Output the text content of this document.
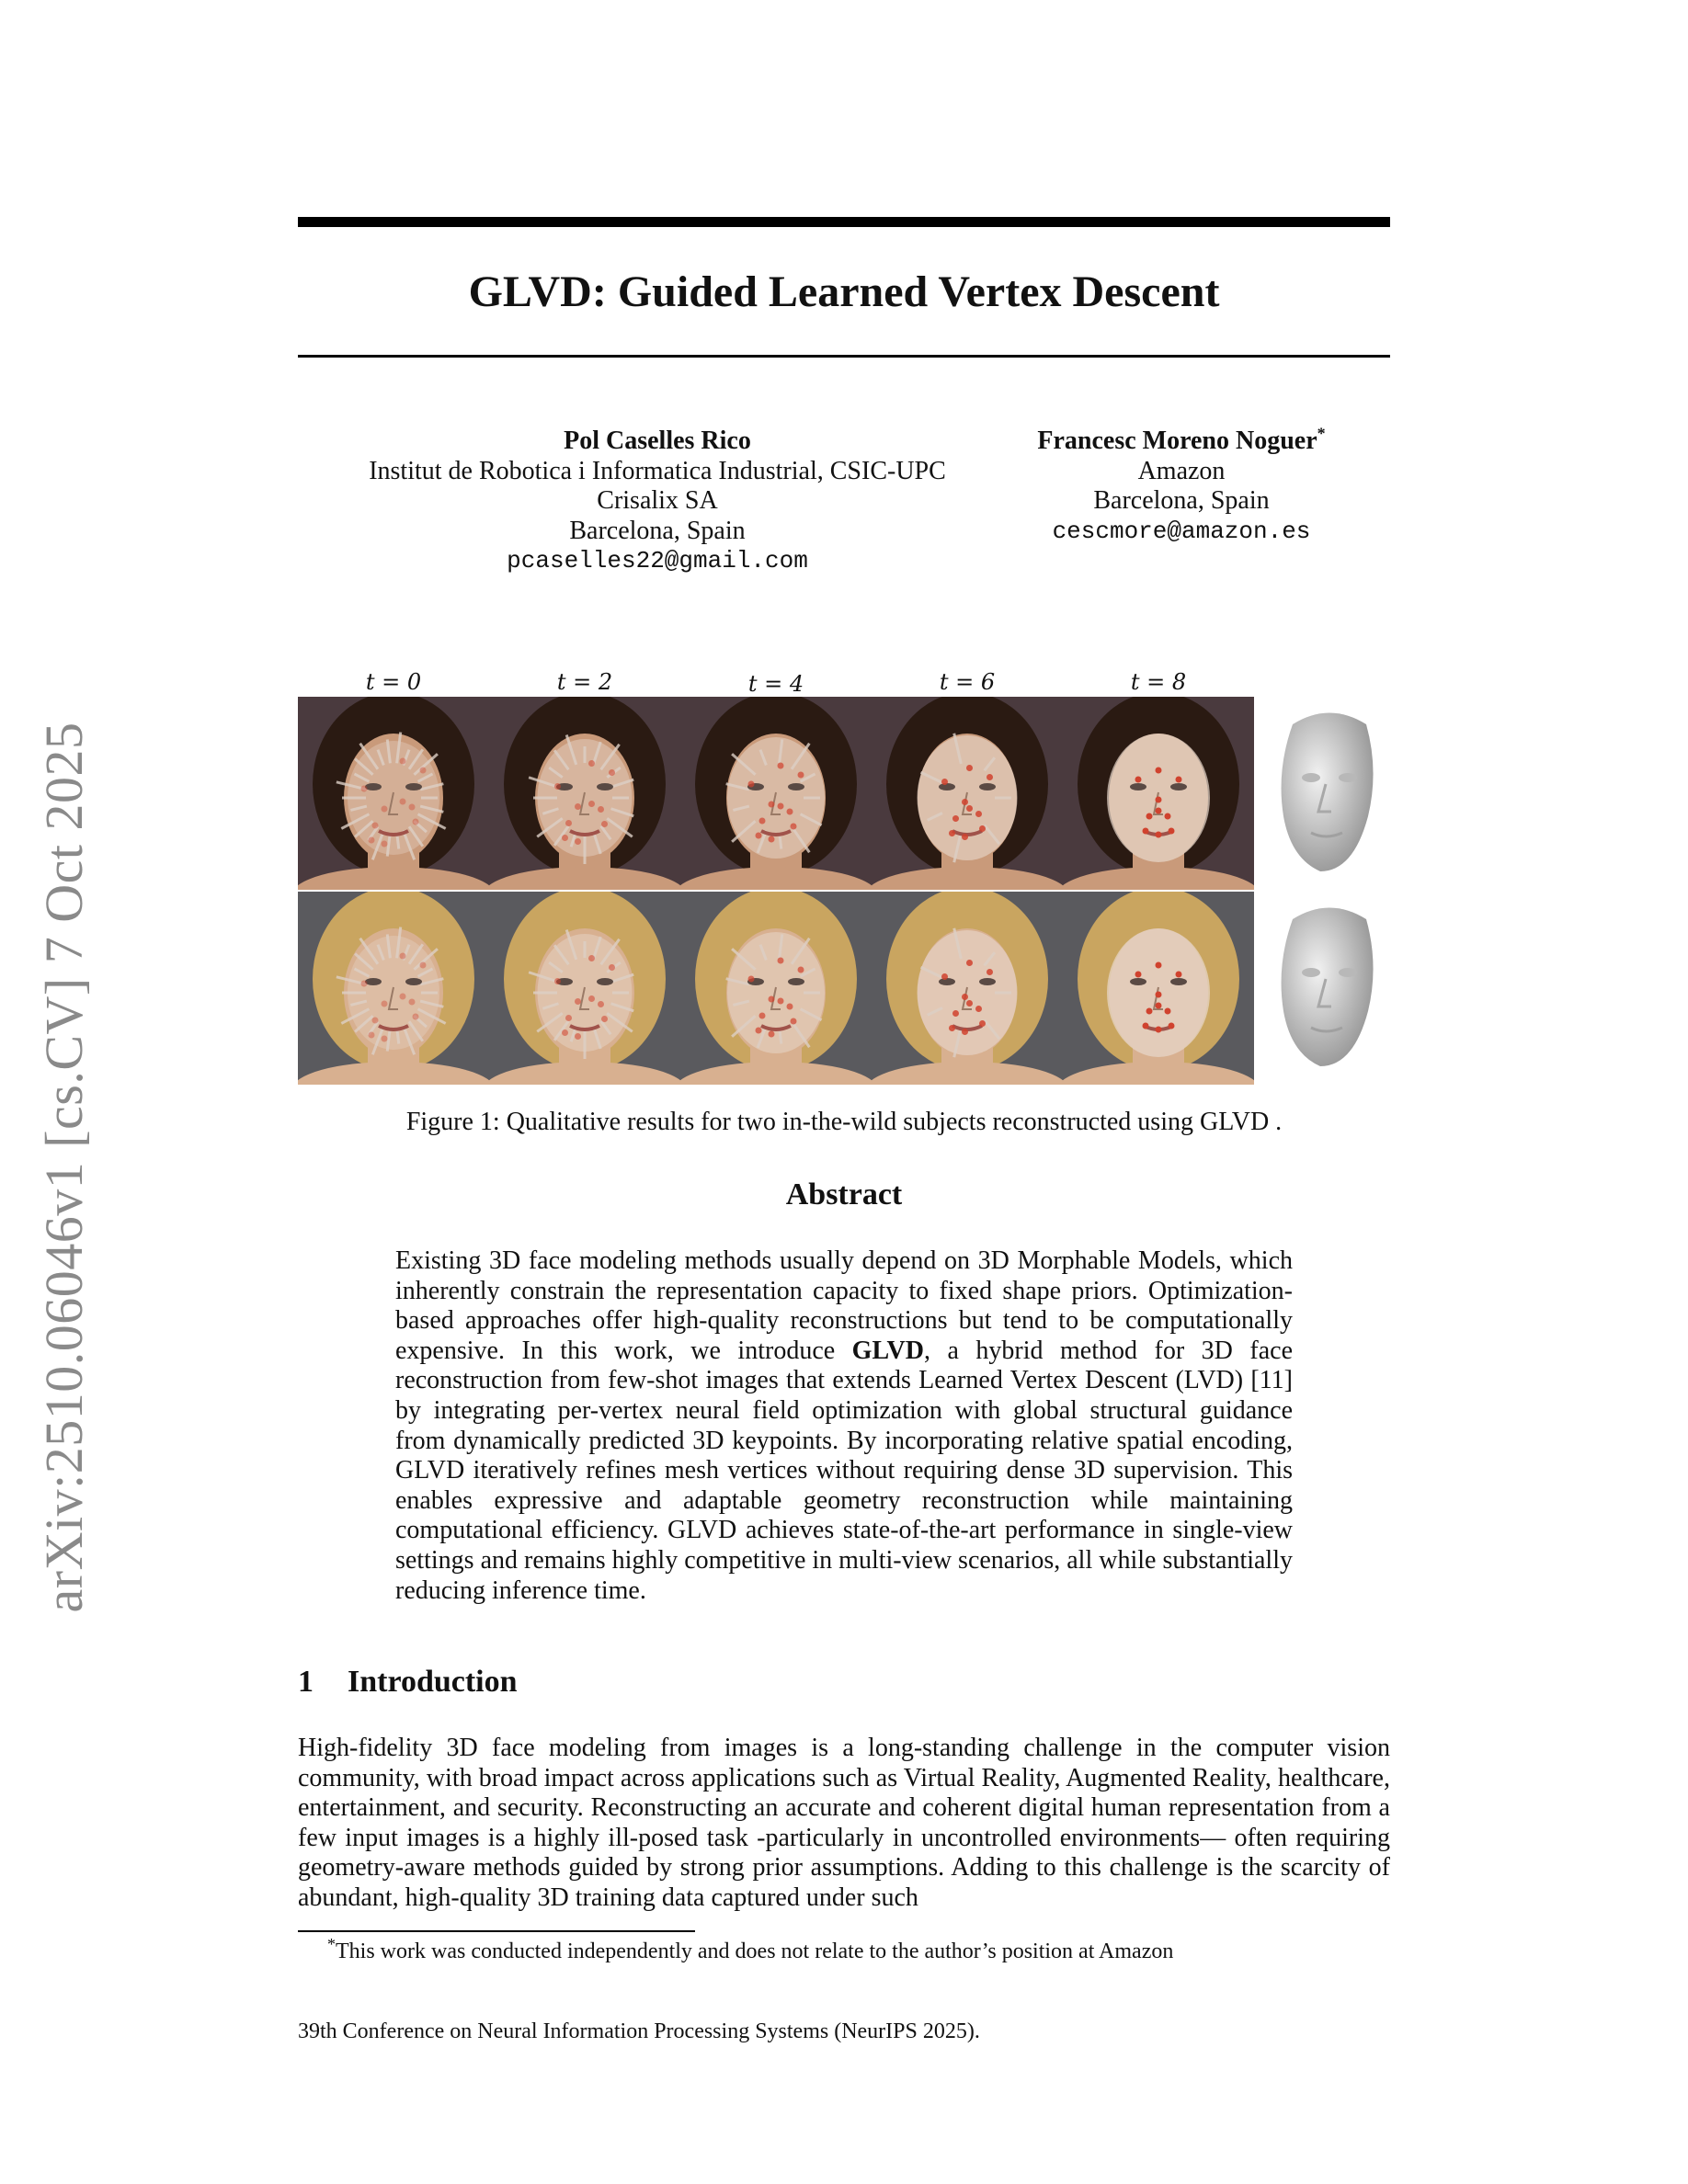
arXiv:2510.06046v1 [cs.CV] 7 Oct 2025
GLVD: Guided Learned Vertex Descent
Pol Caselles Rico
Institut de Robotica i Informatica Industrial, CSIC-UPC
Crisalix SA
Barcelona, Spain
pcaselles22@gmail.com
Francesc Moreno Noguer*
Amazon
Barcelona, Spain
cescmore@amazon.es
t = 0	t = 2	t = 4	t = 6	t = 8
Figure 1: Qualitative results for two in-the-wild subjects reconstructed using GLVD .
Abstract
Existing 3D face modeling methods usually depend on 3D Morphable Models, which inherently constrain the representation capacity to fixed shape priors. Optimization-based approaches offer high-quality reconstructions but tend to be computationally expensive. In this work, we introduce GLVD, a hybrid method for 3D face reconstruction from few-shot images that extends Learned Vertex Descent (LVD) [11] by integrating per-vertex neural field optimization with global structural guidance from dynamically predicted 3D keypoints. By incorporating relative spatial encoding, GLVD iteratively refines mesh vertices without requiring dense 3D supervision. This enables expressive and adaptable geometry reconstruction while maintaining computational efficiency. GLVD achieves state-of-the-art performance in single-view settings and remains highly competitive in multi-view scenarios, all while substantially reducing inference time.
1 Introduction
High-fidelity 3D face modeling from images is a long-standing challenge in the computer vision community, with broad impact across applications such as Virtual Reality, Augmented Reality, healthcare, entertainment, and security. Reconstructing an accurate and coherent digital human representation from a few input images is a highly ill-posed task -particularly in uncontrolled environments— often requiring geometry-aware methods guided by strong prior assumptions. Adding to this challenge is the scarcity of abundant, high-quality 3D training data captured under such
*This work was conducted independently and does not relate to the author’s position at Amazon
39th Conference on Neural Information Processing Systems (NeurIPS 2025).
